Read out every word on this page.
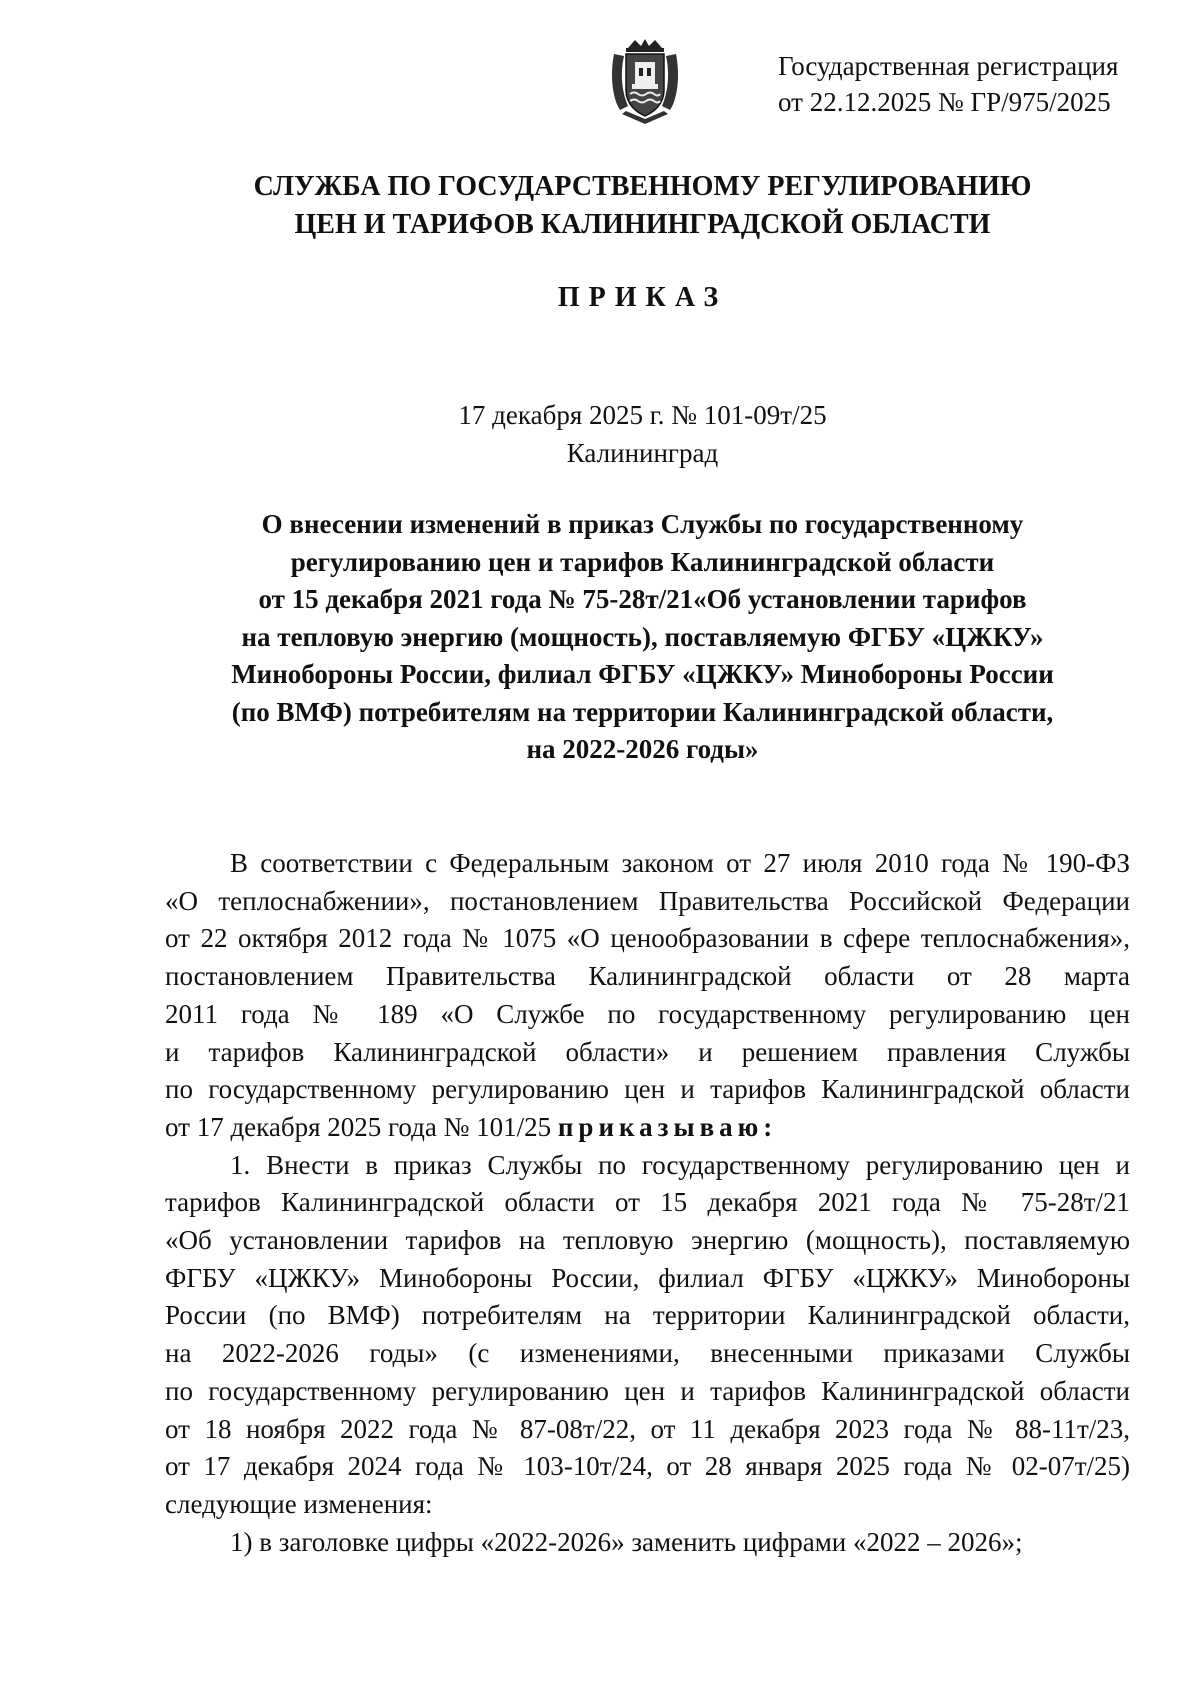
Государственная регистрация
от 22.12.2025 № ГР/975/2025
СЛУЖБА ПО ГОСУДАРСТВЕННОМУ РЕГУЛИРОВАНИЮ
ЦЕН И ТАРИФОВ КАЛИНИНГРАДСКОЙ ОБЛАСТИ
ПРИКАЗ
17 декабря 2025 г. № 101-09т/25
Калининград
О внесении изменений в приказ Службы по государственному
регулированию цен и тарифов Калининградской области
от 15 декабря 2021 года № 75-28т/21«Об установлении тарифов
на тепловую энергию (мощность), поставляемую ФГБУ «ЦЖКУ»
Минобороны России, филиал ФГБУ «ЦЖКУ» Минобороны России
(по ВМФ) потребителям на территории Калининградской области,
на 2022-2026 годы»
В соответствии с Федеральным законом от 27 июля 2010 года № 190-ФЗ
«О теплоснабжении», постановлением Правительства Российской Федерации
от 22 октября 2012 года № 1075 «О ценообразовании в сфере теплоснабжения»,
постановлением Правительства Калининградской области от 28 марта
2011 года № 189 «О Службе по государственному регулированию цен
и тарифов Калининградской области» и решением правления Службы
по государственному регулированию цен и тарифов Калининградской области
от 17 декабря 2025 года № 101/25 приказываю:
1. Внести в приказ Службы по государственному регулированию цен и
тарифов Калининградской области от 15 декабря 2021 года № 75-28т/21
«Об установлении тарифов на тепловую энергию (мощность), поставляемую
ФГБУ «ЦЖКУ» Минобороны России, филиал ФГБУ «ЦЖКУ» Минобороны
России (по ВМФ) потребителям на территории Калининградской области,
на 2022-2026 годы» (с изменениями, внесенными приказами Службы
по государственному регулированию цен и тарифов Калининградской области
от 18 ноября 2022 года № 87-08т/22, от 11 декабря 2023 года № 88-11т/23,
от 17 декабря 2024 года № 103-10т/24, от 28 января 2025 года № 02-07т/25)
следующие изменения:
1) в заголовке цифры «2022-2026» заменить цифрами «2022 – 2026»;
